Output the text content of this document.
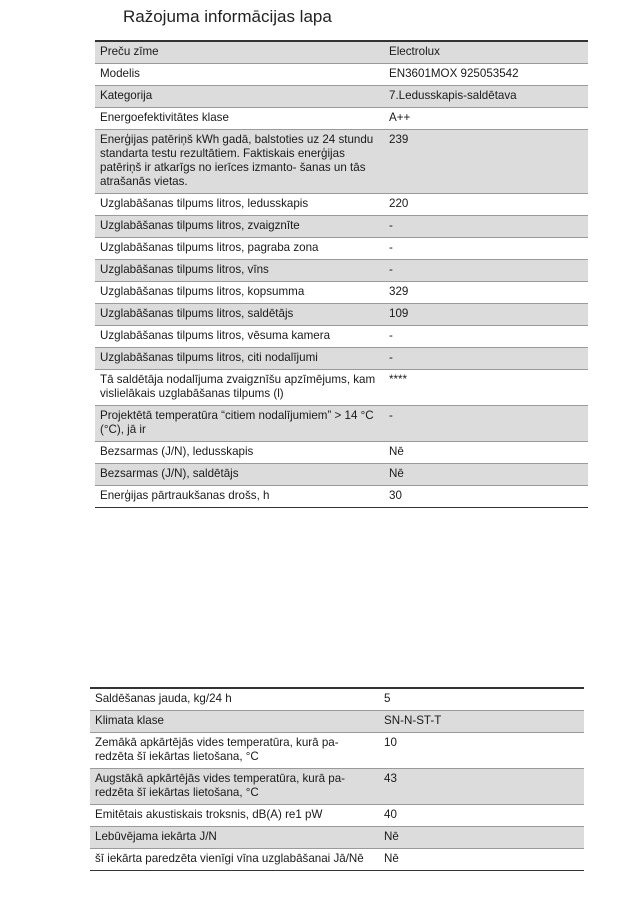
Ražojuma informācijas lapa
Preču zīme	Electrolux
Modelis	EN3601MOX 925053542
Kategorija	7.Ledusskapis-saldētava
Energoefektivitātes klase	A++
Enerģijas patēriņš kWh gadā, balstoties uz 24 stundu standarta testu rezultātiem. Faktiskais enerģijas patēriņš ir atkarīgs no ierīces izmanto- šanas un tās atrašanās vietas.	239
Uzglabāšanas tilpums litros, ledusskapis	220
Uzglabāšanas tilpums litros, zvaigznīte	-
Uzglabāšanas tilpums litros, pagraba zona	-
Uzglabāšanas tilpums litros, vīns	-
Uzglabāšanas tilpums litros, kopsumma	329
Uzglabāšanas tilpums litros, saldētājs	109
Uzglabāšanas tilpums litros, vēsuma kamera	-
Uzglabāšanas tilpums litros, citi nodalījumi	-
Tā saldētāja nodalījuma zvaigznīšu apzīmējums, kam vislielākais uzglabāšanas tilpums (l)	****
Projektētā temperatūra “citiem nodalījumiem” > 14 °C (°C), jā ir	-
Bezsarmas (J/N), ledusskapis	Nē
Bezsarmas (J/N), saldētājs	Nē
Enerģijas pārtraukšanas drošs, h	30
Saldēšanas jauda, kg/24 h	5
Klimata klase	SN-N-ST-T
Zemākā apkārtējās vides temperatūra, kurā pa- redzēta šī iekārtas lietošana, °C	10
Augstākā apkārtējās vides temperatūra, kurā pa- redzēta šī iekārtas lietošana, °C	43
Emitētais akustiskais troksnis, dB(A) re1 pW	40
Lebūvējama iekārta J/N	Nē
šī iekārta paredzēta vienīgi vīna uzglabāšanai Jā/Nē	Nē
